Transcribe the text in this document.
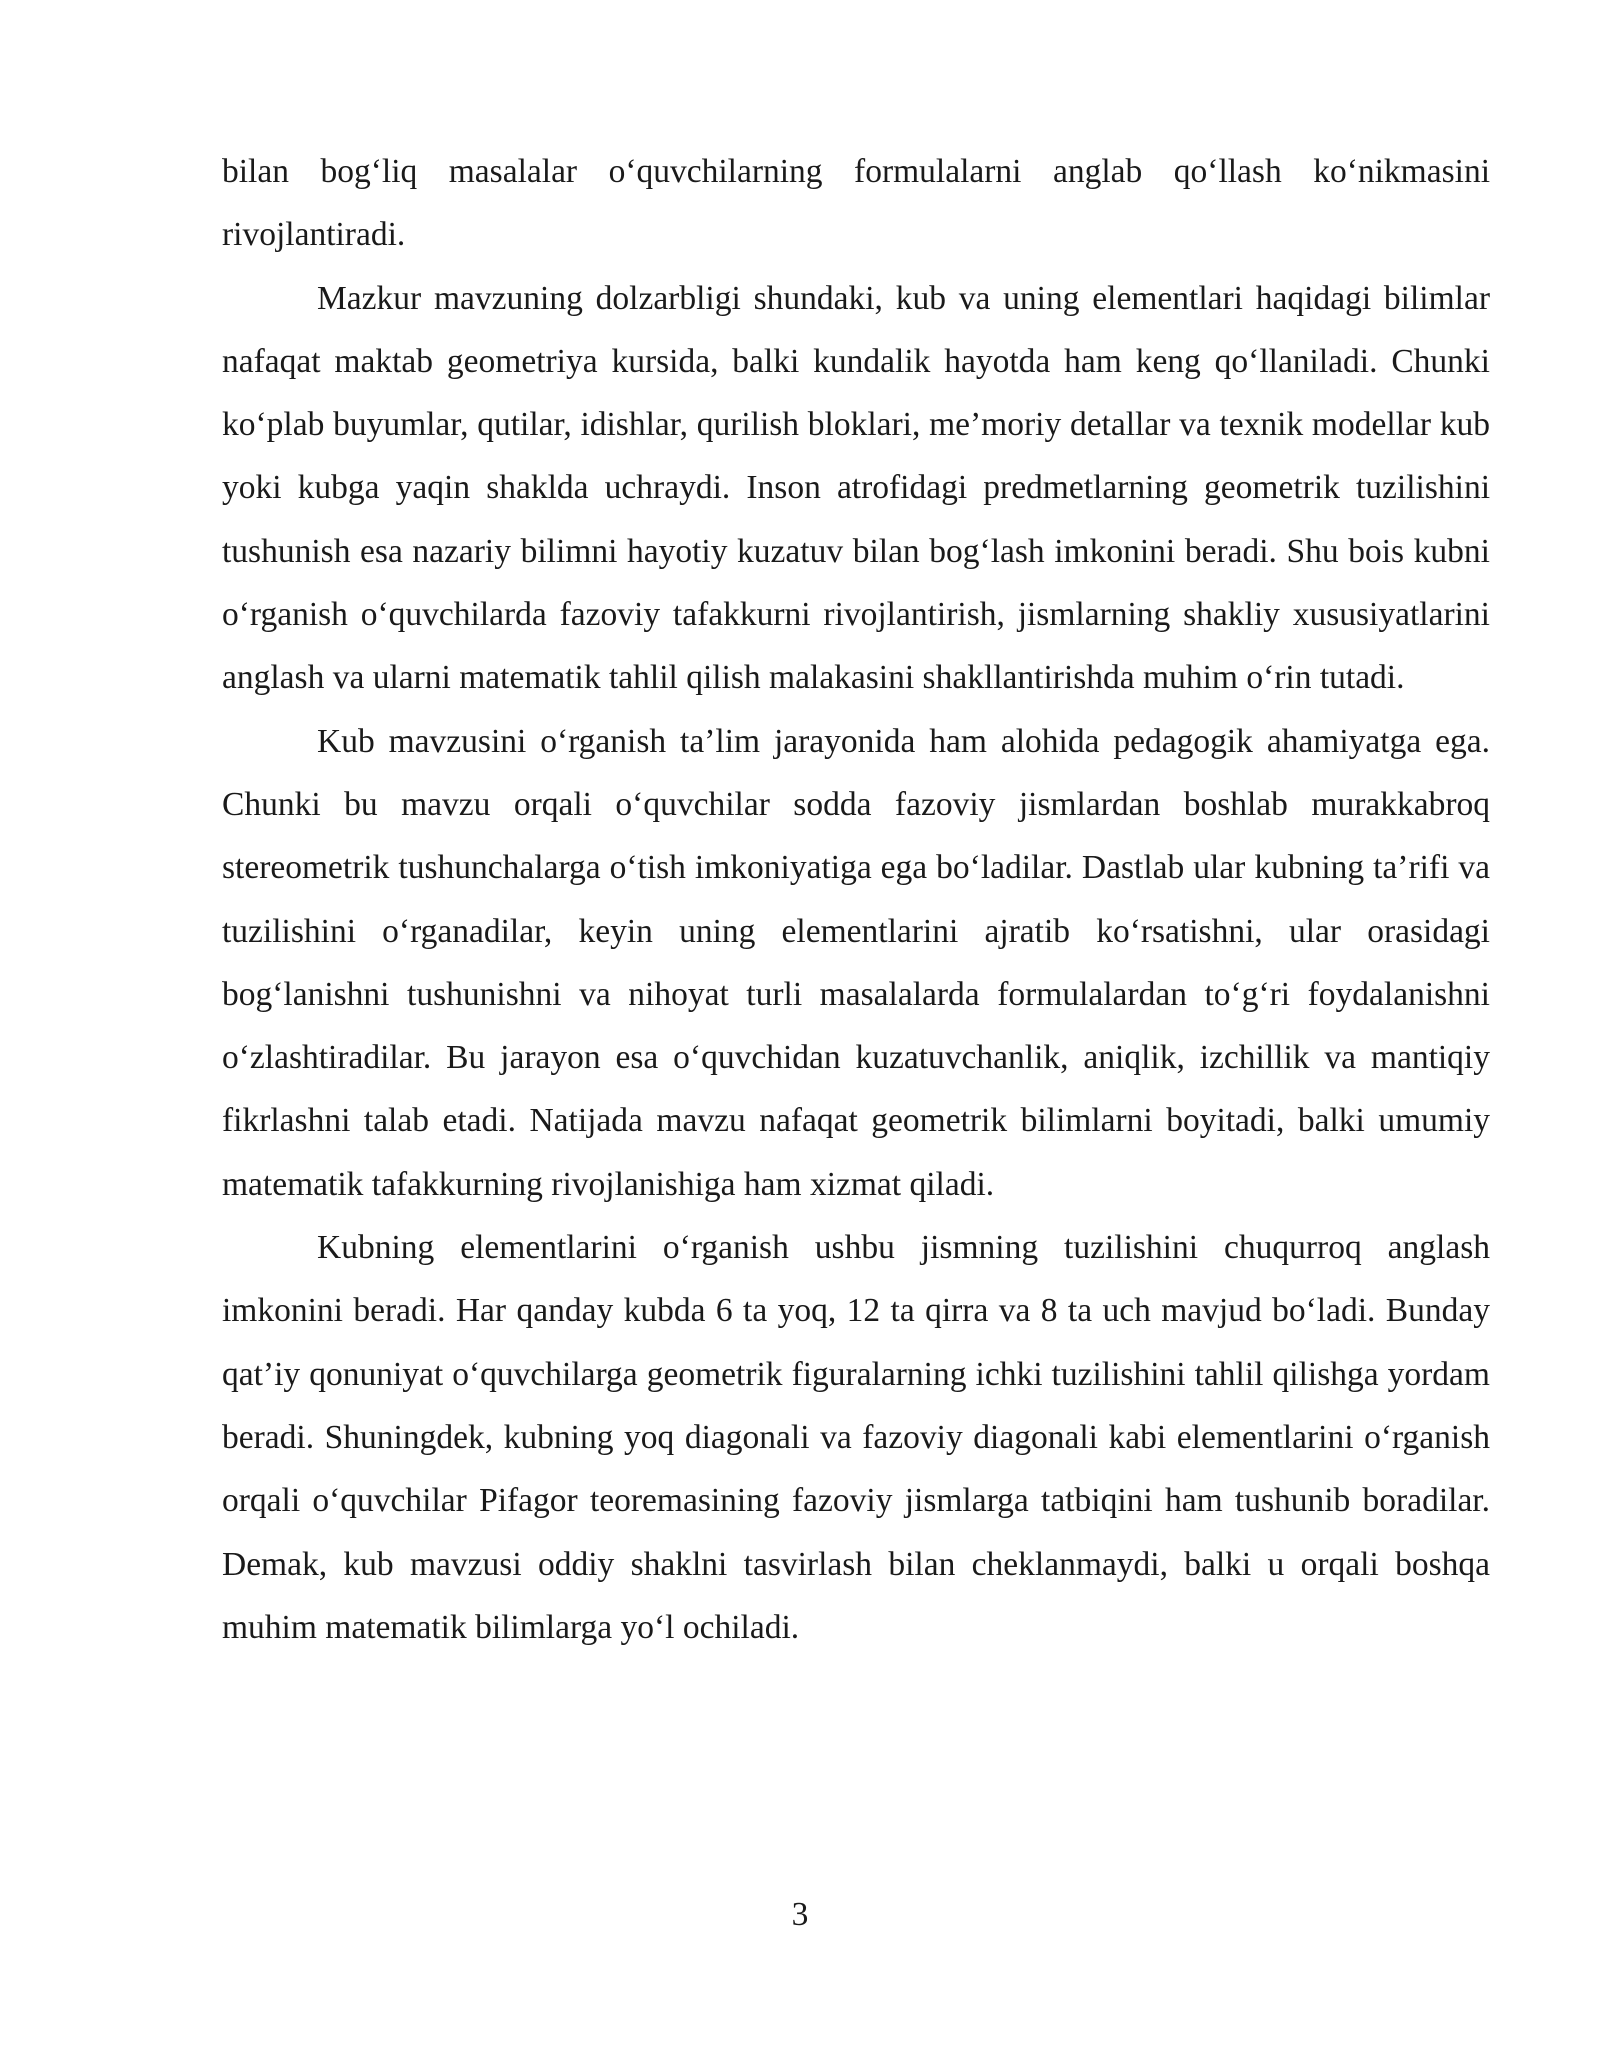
bilan bog‘liq masalalar o‘quvchilarning formulalarni anglab qo‘llash ko‘nikmasini rivojlantiradi.

Mazkur mavzuning dolzarbligi shundaki, kub va uning elementlari haqidagi bilimlar nafaqat maktab geometriya kursida, balki kundalik hayotda ham keng qo‘llaniladi. Chunki ko‘plab buyumlar, qutilar, idishlar, qurilish bloklari, me’moriy detallar va texnik modellar kub yoki kubga yaqin shaklda uchraydi. Inson atrofidagi predmetlarning geometrik tuzilishini tushunish esa nazariy bilimni hayotiy kuzatuv bilan bog‘lash imkonini beradi. Shu bois kubni o‘rganish o‘quvchilarda fazoviy tafakkurni rivojlantirish, jismlarning shakliy xususiyatlarini anglash va ularni matematik tahlil qilish malakasini shakllantirishda muhim o‘rin tutadi.

Kub mavzusini o‘rganish ta’lim jarayonida ham alohida pedagogik ahamiyatga ega. Chunki bu mavzu orqali o‘quvchilar sodda fazoviy jismlardan boshlab murakkabroq stereometrik tushunchalarga o‘tish imkoniyatiga ega bo‘ladilar. Dastlab ular kubning ta’rifi va tuzilishini o‘rganadilar, keyin uning elementlarini ajratib ko‘rsatishni, ular orasidagi bog‘lanishni tushunishni va nihoyat turli masalalarda formulalardan to‘g‘ri foydalanishni o‘zlashtiradilar. Bu jarayon esa o‘quvchidan kuzatuvchanlik, aniqlik, izchillik va mantiqiy fikrlashni talab etadi. Natijada mavzu nafaqat geometrik bilimlarni boyitadi, balki umumiy matematik tafakkurning rivojlanishiga ham xizmat qiladi.

Kubning elementlarini o‘rganish ushbu jismning tuzilishini chuqurroq anglash imkonini beradi. Har qanday kubda 6 ta yoq, 12 ta qirra va 8 ta uch mavjud bo‘ladi. Bunday qat’iy qonuniyat o‘quvchilarga geometrik figuralarning ichki tuzilishini tahlil qilishga yordam beradi. Shuningdek, kubning yoq diagonali va fazoviy diagonali kabi elementlarini o‘rganish orqali o‘quvchilar Pifagor teoremasining fazoviy jismlarga tatbiqini ham tushunib boradilar. Demak, kub mavzusi oddiy shaklni tasvirlash bilan cheklanmaydi, balki u orqali boshqa muhim matematik bilimlarga yo‘l ochiladi.

3
